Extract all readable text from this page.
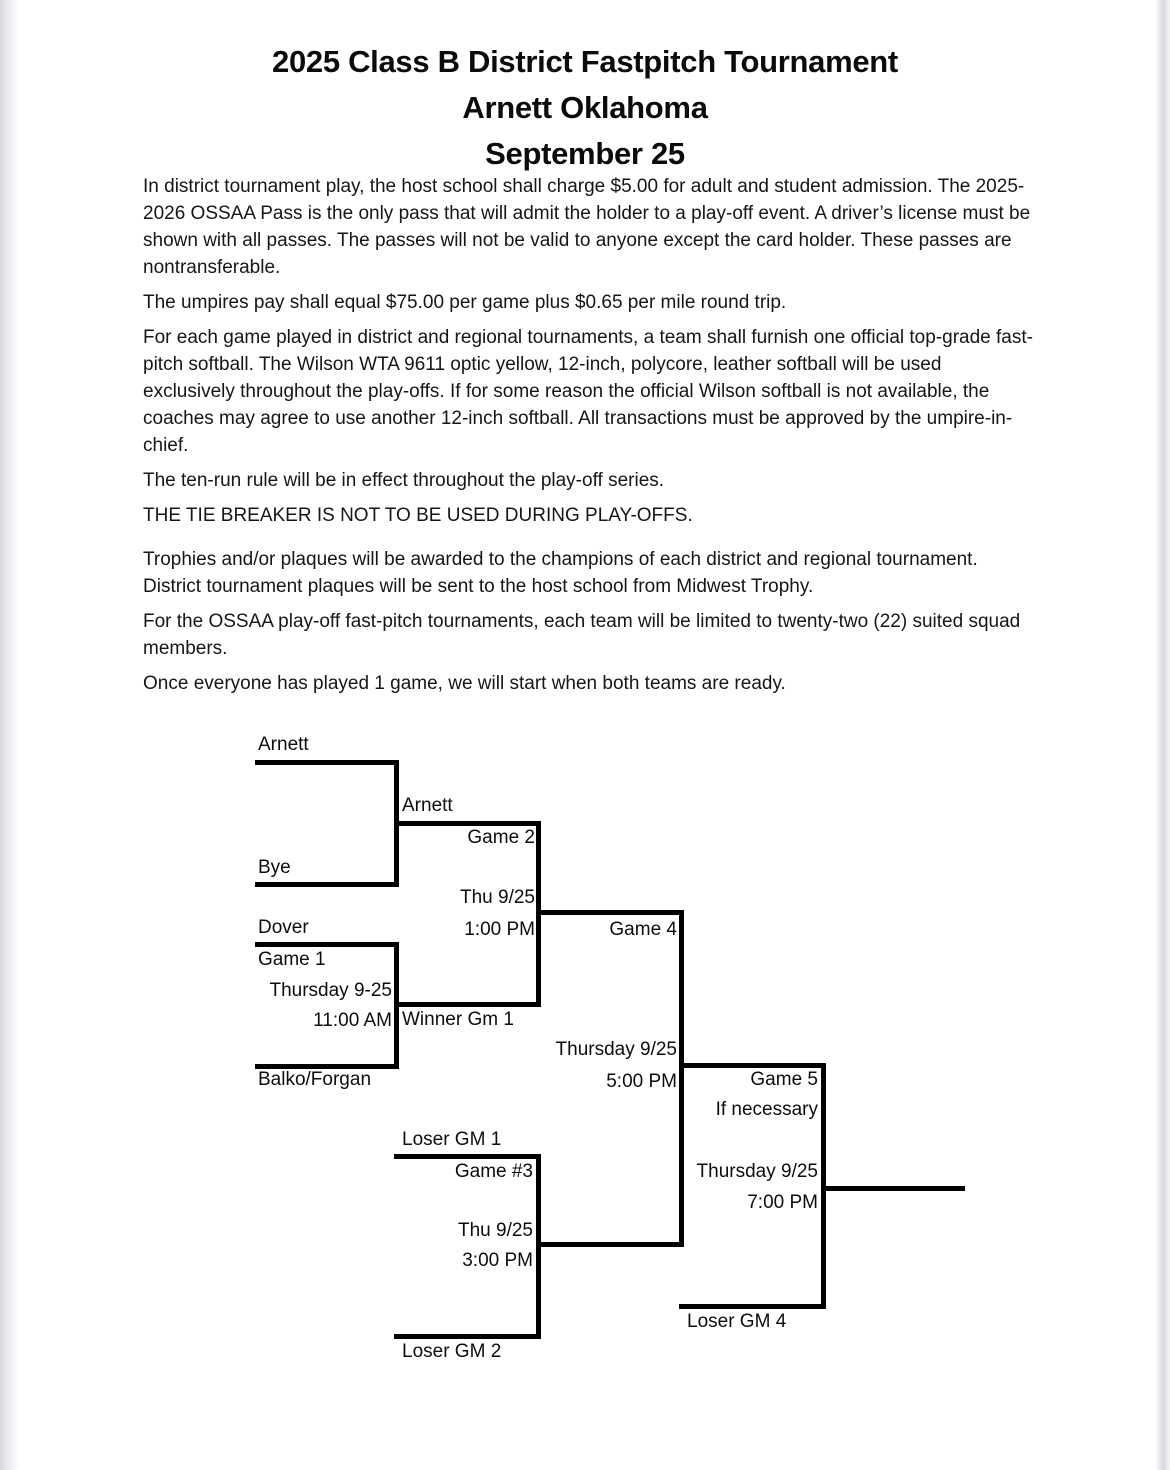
2025 Class B District Fastpitch Tournament
Arnett Oklahoma
September 25

In district tournament play, the host school shall charge $5.00 for adult and student admission. The 2025-2026 OSSAA Pass is the only pass that will admit the holder to a play-off event. A driver’s license must be shown with all passes. The passes will not be valid to anyone except the card holder. These passes are nontransferable.

The umpires pay shall equal $75.00 per game plus $0.65 per mile round trip.

For each game played in district and regional tournaments, a team shall furnish one official top-grade fast-pitch softball. The Wilson WTA 9611 optic yellow, 12-inch, polycore, leather softball will be used exclusively throughout the play-offs. If for some reason the official Wilson softball is not available, the coaches may agree to use another 12-inch softball. All transactions must be approved by the umpire-in-chief.

The ten-run rule will be in effect throughout the play-off series.

THE TIE BREAKER IS NOT TO BE USED DURING PLAY-OFFS.

Trophies and/or plaques will be awarded to the champions of each district and regional tournament. District tournament plaques will be sent to the host school from Midwest Trophy.

For the OSSAA play-off fast-pitch tournaments, each team will be limited to twenty-two (22) suited squad members.

Once everyone has played 1 game, we will start when both teams are ready.

Arnett
Bye
Dover
Balko/Forgan
Game 1
Thursday 9-25
11:00 AM
Arnett
Game 2
Thu 9/25
1:00 PM
Winner Gm 1
Game 4
Thursday 9/25
5:00 PM
Loser GM 1
Game #3
Thu 9/25
3:00 PM
Loser GM 2
Game 5
If necessary
Thursday 9/25
7:00 PM
Loser GM 4
